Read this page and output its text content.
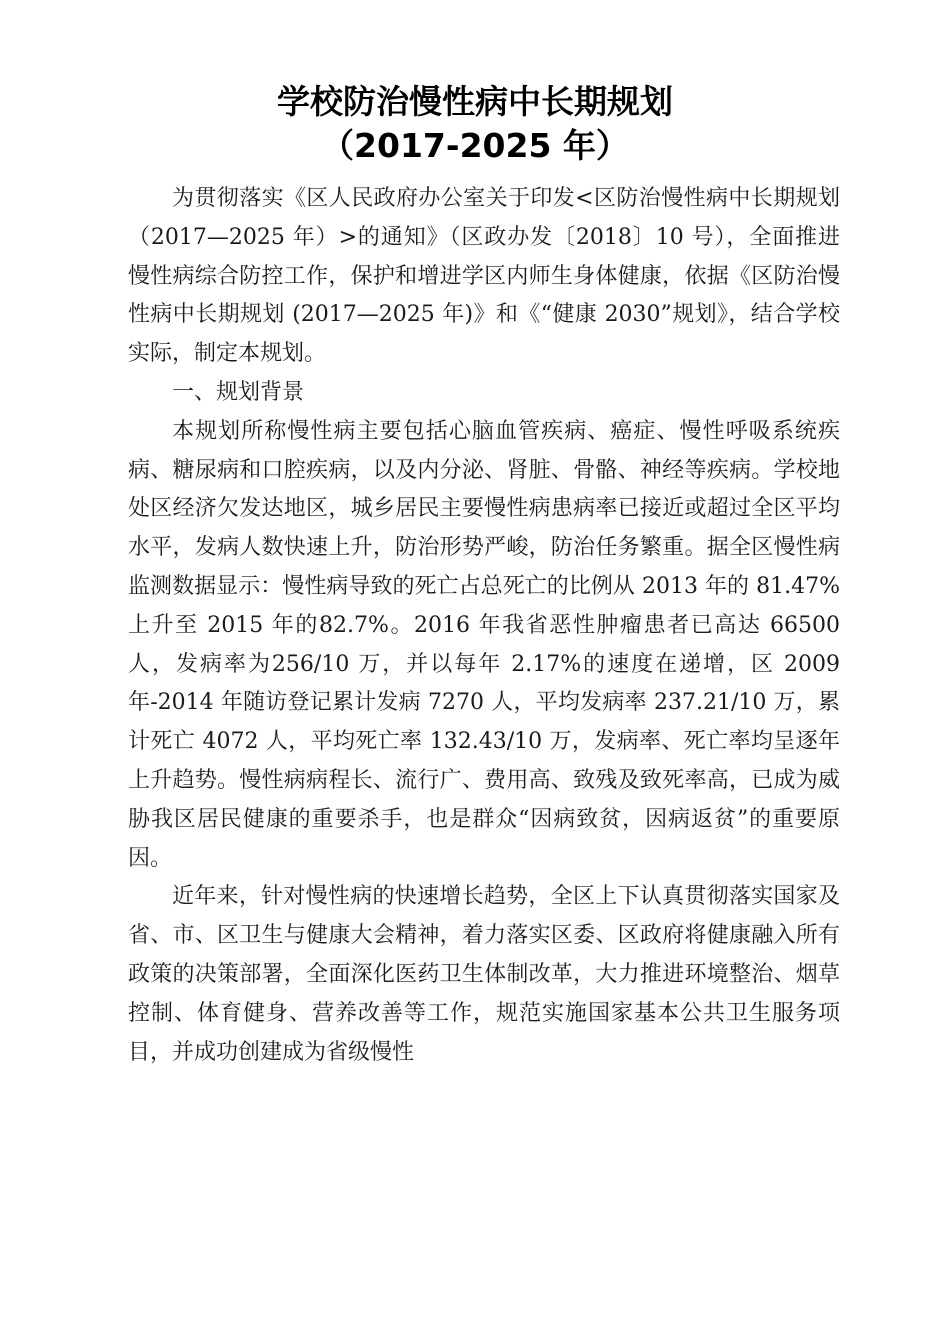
学校防治慢性病中长期规划
（2017-2025 年）

为贯彻落实《区人民政府办公室关于印发<区防治慢性病中长期规划（2017—2025 年）>的通知》（区政办发〔2018〕10 号），全面推进慢性病综合防控工作，保护和增进学区内师生身体健康，依据《区防治慢性病中长期规划 (2017—2025 年)》和《“健康 2030”规划》，结合学校实际，制定本规划。

一、规划背景

本规划所称慢性病主要包括心脑血管疾病、癌症、慢性呼吸系统疾病、糖尿病和口腔疾病，以及内分泌、肾脏、骨骼、神经等疾病。学校地处区经济欠发达地区，城乡居民主要慢性病患病率已接近或超过全区平均水平，发病人数快速上升，防治形势严峻，防治任务繁重。据全区慢性病监测数据显示：慢性病导致的死亡占总死亡的比例从 2013 年的 81.47%上升至 2015 年的82.7%。2016 年我省恶性肿瘤患者已高达 66500 人，发病率为256/10 万，并以每年 2.17%的速度在递增，区 2009 年-2014 年随访登记累计发病 7270 人，平均发病率 237.21/10 万，累计死亡 4072 人，平均死亡率 132.43/10 万，发病率、死亡率均呈逐年上升趋势。慢性病病程长、流行广、费用高、致残及致死率高，已成为威胁我区居民健康的重要杀手，也是群众“因病致贫，因病返贫”的重要原因。

近年来，针对慢性病的快速增长趋势，全区上下认真贯彻落实国家及省、市、区卫生与健康大会精神，着力落实区委、区政府将健康融入所有政策的决策部署，全面深化医药卫生体制改革，大力推进环境整治、烟草控制、体育健身、营养改善等工作，规范实施国家基本公共卫生服务项目，并成功创建成为省级慢性
